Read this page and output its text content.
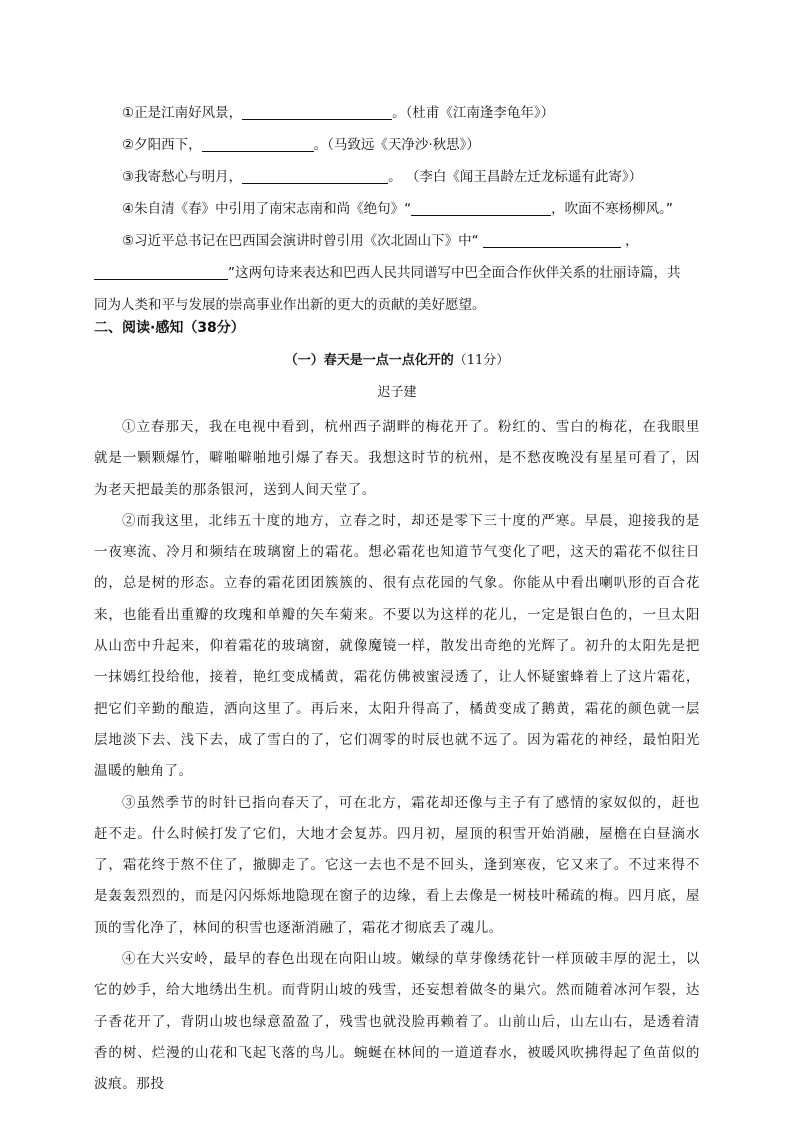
①正是江南好风景，	。（杜甫《江南逢李龟年》）

②夕阳西下，	。（马致远《天净沙·秋思》）

③我寄愁心与明月，	。 （李白《闻王昌龄左迁龙标遥有此寄》）

④朱自清《春》中引用了南宋志南和尚《绝句》“	，吹面不寒杨柳风。”

⑤习近平总书记在巴西国会演讲时曾引用《次北固山下》中“	，

”这两句诗来表达和巴西人民共同谱写中巴全面合作伙伴关系的壮丽诗篇，共

同为人类和平与发展的崇高事业作出新的更大的贡献的美好愿望。

二、阅读·感知（38分）

（一）春天是一点一点化开的（11分）

迟子建

①立春那天，我在电视中看到，杭州西子湖畔的梅花开了。粉红的、雪白的梅花，在我眼里就是一颗颗爆竹，噼啪噼啪地引爆了春天。我想这时节的杭州，是不愁夜晚没有星星可看了，因为老天把最美的那条银河，送到人间天堂了。

②而我这里，北纬五十度的地方，立春之时，却还是零下三十度的严寒。早晨，迎接我的是一夜寒流、冷月和频结在玻璃窗上的霜花。想必霜花也知道节气变化了吧，这天的霜花不似往日的，总是树的形态。立春的霜花团团簇簇的、很有点花园的气象。你能从中看出喇叭形的百合花来，也能看出重瓣的玫瑰和单瓣的矢车菊来。不要以为这样的花儿，一定是银白色的，一旦太阳从山峦中升起来，仰着霜花的玻璃窗，就像魔镜一样，散发出奇绝的光辉了。初升的太阳先是把一抹嫣红投给他，接着，艳红变成橘黄，霜花仿佛被蜜浸透了，让人怀疑蜜蜂着上了这片霜花，把它们辛勤的酿造，洒向这里了。再后来，太阳升得高了，橘黄变成了鹅黄，霜花的颜色就一层层地淡下去、浅下去，成了雪白的了，它们凋零的时辰也就不远了。因为霜花的神经，最怕阳光温暖的触角了。

③虽然季节的时针已指向春天了，可在北方，霜花却还像与主子有了感情的家奴似的，赶也赶不走。什么时候打发了它们，大地才会复苏。四月初，屋顶的积雪开始消融，屋檐在白昼滴水了，霜花终于熬不住了，撤脚走了。它这一去也不是不回头，逢到寒夜，它又来了。不过来得不是轰轰烈烈的，而是闪闪烁烁地隐现在窗子的边缘，看上去像是一树枝叶稀疏的梅。四月底，屋顶的雪化净了，林间的积雪也逐渐消融了，霜花才彻底丢了魂儿。

④在大兴安岭，最早的春色出现在向阳山坡。嫩绿的草芽像绣花针一样顶破丰厚的泥土，以它的妙手，给大地绣出生机。而背阴山坡的残雪，还妄想着做冬的巢穴。然而随着冰河乍裂，达子香花开了，背阴山坡也绿意盈盈了，残雪也就没脸再赖着了。山前山后，山左山右，是透着清香的树、烂漫的山花和飞起飞落的鸟儿。蜿蜒在林间的一道道春水，被暖风吹拂得起了鱼苗似的波痕。那投
